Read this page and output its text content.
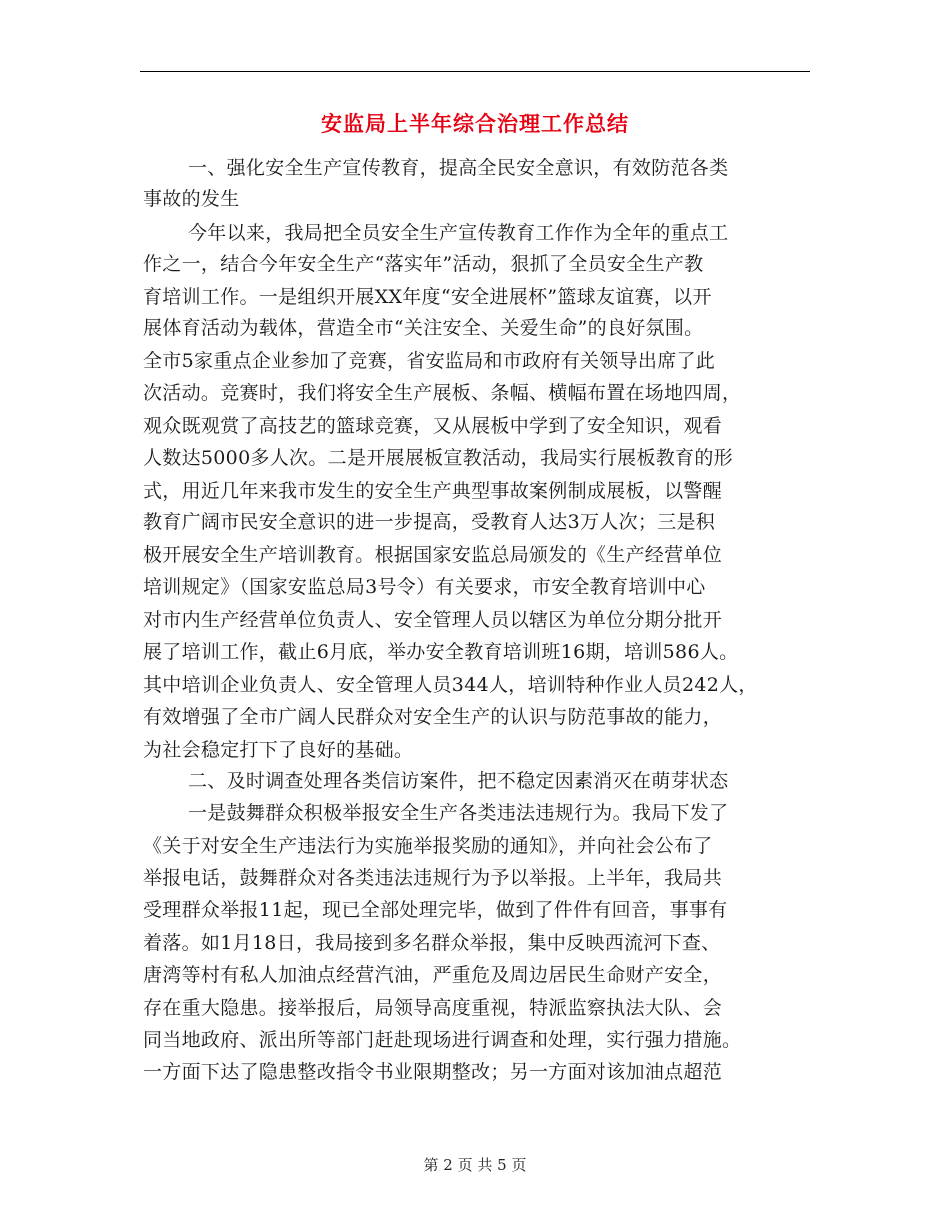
安监局上半年综合治理工作总结
一、强化安全生产宣传教育，提高全民安全意识，有效防范各类
事故的发生
今年以来，我局把全员安全生产宣传教育工作作为全年的重点工
作之一，结合今年安全生产“落实年”活动，狠抓了全员安全生产教
育培训工作。一是组织开展XX年度“安全进展杯”篮球友谊赛，以开
展体育活动为载体，营造全市“关注安全、关爱生命”的良好氛围。
全市5家重点企业参加了竞赛，省安监局和市政府有关领导出席了此
次活动。竞赛时，我们将安全生产展板、条幅、横幅布置在场地四周，
观众既观赏了高技艺的篮球竞赛，又从展板中学到了安全知识，观看
人数达5000多人次。二是开展展板宣教活动，我局实行展板教育的形
式，用近几年来我市发生的安全生产典型事故案例制成展板，以警醒
教育广阔市民安全意识的进一步提高，受教育人达3万人次；三是积
极开展安全生产培训教育。根据国家安监总局颁发的《生产经营单位
培训规定》（国家安监总局3号令）有关要求，市安全教育培训中心
对市内生产经营单位负责人、安全管理人员以辖区为单位分期分批开
展了培训工作，截止6月底，举办安全教育培训班16期，培训586人。
其中培训企业负责人、安全管理人员344人，培训特种作业人员242人，
有效增强了全市广阔人民群众对安全生产的认识与防范事故的能力，
为社会稳定打下了良好的基础。
二、及时调查处理各类信访案件，把不稳定因素消灭在萌芽状态
一是鼓舞群众积极举报安全生产各类违法违规行为。我局下发了
《关于对安全生产违法行为实施举报奖励的通知》，并向社会公布了
举报电话，鼓舞群众对各类违法违规行为予以举报。上半年，我局共
受理群众举报11起，现已全部处理完毕，做到了件件有回音，事事有
着落。如1月18日，我局接到多名群众举报，集中反映西流河下查、
唐湾等村有私人加油点经营汽油，严重危及周边居民生命财产安全，
存在重大隐患。接举报后，局领导高度重视，特派监察执法大队、会
同当地政府、派出所等部门赶赴现场进行调查和处理，实行强力措施。
一方面下达了隐患整改指令书业限期整改；另一方面对该加油点超范
第 2 页 共 5 页
